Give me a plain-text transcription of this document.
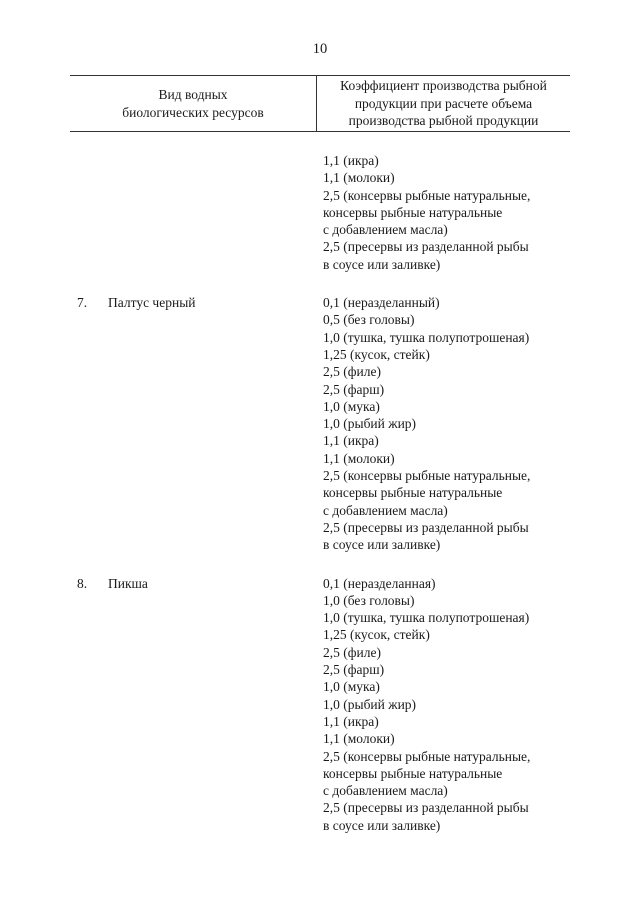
10
Вид водных
биологических ресурсов
Коэффициент производства рыбной
продукции при расчете объема
производства рыбной продукции
1,1 (икра)
1,1 (молоки)
2,5 (консервы рыбные натуральные,
консервы рыбные натуральные
с добавлением масла)
2,5 (пресервы из разделанной рыбы
в соусе или заливке)
7. Палтус черный	0,1 (неразделанный)
0,5 (без головы)
1,0 (тушка, тушка полупотрошеная)
1,25 (кусок, стейк)
2,5 (филе)
2,5 (фарш)
1,0 (мука)
1,0 (рыбий жир)
1,1 (икра)
1,1 (молоки)
2,5 (консервы рыбные натуральные,
консервы рыбные натуральные
с добавлением масла)
2,5 (пресервы из разделанной рыбы
в соусе или заливке)
8. Пикша	0,1 (неразделанная)
1,0 (без головы)
1,0 (тушка, тушка полупотрошеная)
1,25 (кусок, стейк)
2,5 (филе)
2,5 (фарш)
1,0 (мука)
1,0 (рыбий жир)
1,1 (икра)
1,1 (молоки)
2,5 (консервы рыбные натуральные,
консервы рыбные натуральные
с добавлением масла)
2,5 (пресервы из разделанной рыбы
в соусе или заливке)
